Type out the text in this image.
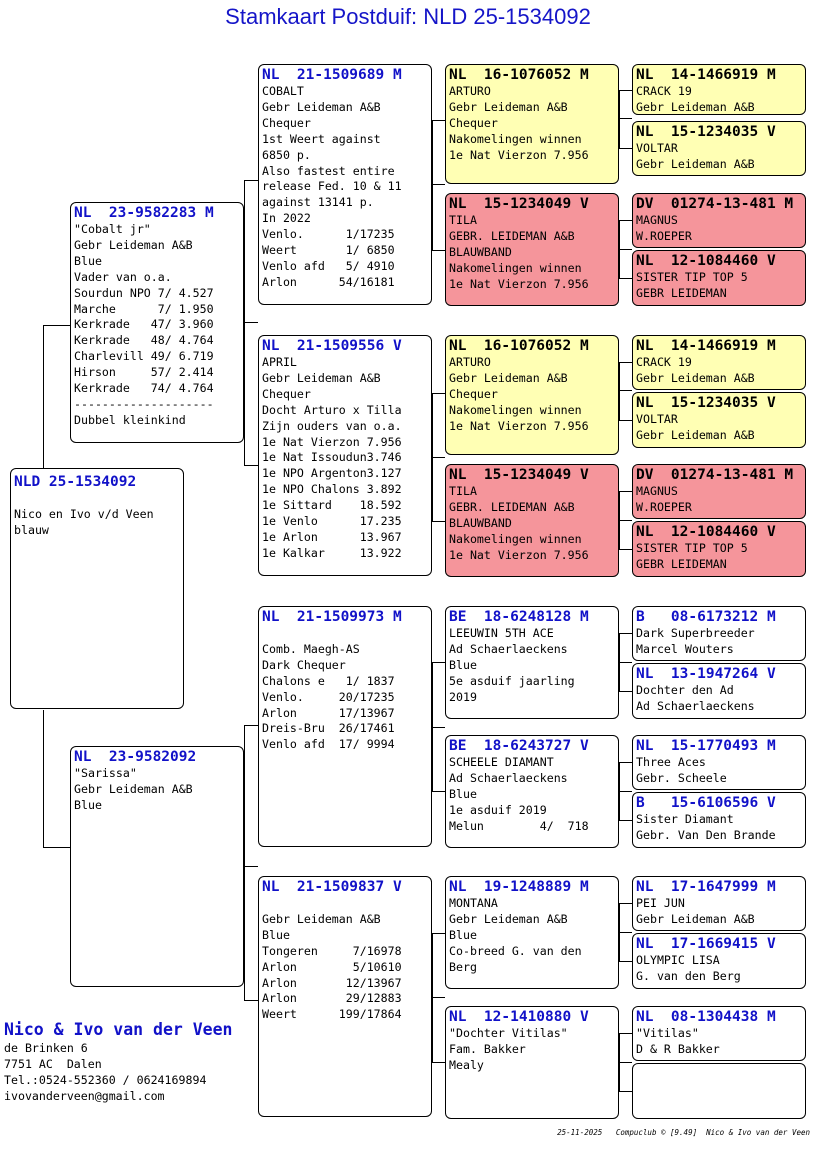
Stamkaart Postduif: NLD 25-1534092
NLD 25-1534092

Nico en Ivo v/d Veen
blauw
NL  23-9582283 M
"Cobalt jr"
Gebr Leideman A&B
Blue
Vader van o.a.
Sourdun NPO 7/ 4.527
Marche      7/ 1.950
Kerkrade   47/ 3.960
Kerkrade   48/ 4.764
Charlevill 49/ 6.719
Hirson     57/ 2.414
Kerkrade   74/ 4.764
--------------------
Dubbel kleinkind
NL  23-9582092
"Sarissa"
Gebr Leideman A&B
Blue
NL  21-1509689 M
COBALT
Gebr Leideman A&B
Chequer
1st Weert against
6850 p.
Also fastest entire
release Fed. 10 & 11
against 13141 p.
In 2022
Venlo.      1/17235
Weert       1/ 6850
Venlo afd   5/ 4910
Arlon      54/16181
NL  21-1509556 V
APRIL
Gebr Leideman A&B
Chequer
Docht Arturo x Tilla
Zijn ouders van o.a.
1e Nat Vierzon 7.956
1e Nat Issoudun3.746
1e NPO Argenton3.127
1e NPO Chalons 3.892
1e Sittard    18.592
1e Venlo      17.235
1e Arlon      13.967
1e Kalkar     13.922
NL  21-1509973 M

Comb. Maegh-AS
Dark Chequer
Chalons e   1/ 1837
Venlo.     20/17235
Arlon      17/13967
Dreis-Bru  26/17461
Venlo afd  17/ 9994
NL  21-1509837 V

Gebr Leideman A&B
Blue
Tongeren     7/16978
Arlon        5/10610
Arlon       12/13967
Arlon       29/12883
Weert      199/17864
NL  16-1076052 M
ARTURO
Gebr Leideman A&B
Chequer
Nakomelingen winnen
1e Nat Vierzon 7.956
NL  15-1234049 V
TILA
GEBR. LEIDEMAN A&B
BLAUWBAND
Nakomelingen winnen
1e Nat Vierzon 7.956
NL  16-1076052 M
ARTURO
Gebr Leideman A&B
Chequer
Nakomelingen winnen
1e Nat Vierzon 7.956
NL  15-1234049 V
TILA
GEBR. LEIDEMAN A&B
BLAUWBAND
Nakomelingen winnen
1e Nat Vierzon 7.956
BE  18-6248128 M
LEEUWIN 5TH ACE
Ad Schaerlaeckens
Blue
5e asduif jaarling
2019
BE  18-6243727 V
SCHEELE DIAMANT
Ad Schaerlaeckens
Blue
1e asduif 2019
Melun        4/  718
NL  19-1248889 M
MONTANA
Gebr Leideman A&B
Blue
Co-breed G. van den
Berg
NL  12-1410880 V
"Dochter Vitilas"
Fam. Bakker
Mealy
NL  14-1466919 M
CRACK 19
Gebr Leideman A&B
NL  15-1234035 V
VOLTAR
Gebr Leideman A&B
DV  01274-13-481 M
MAGNUS
W.ROEPER
NL  12-1084460 V
SISTER TIP TOP 5
GEBR LEIDEMAN
NL  14-1466919 M
CRACK 19
Gebr Leideman A&B
NL  15-1234035 V
VOLTAR
Gebr Leideman A&B
DV  01274-13-481 M
MAGNUS
W.ROEPER
NL  12-1084460 V
SISTER TIP TOP 5
GEBR LEIDEMAN
B   08-6173212 M
Dark Superbreeder
Marcel Wouters
NL  13-1947264 V
Dochter den Ad
Ad Schaerlaeckens
NL  15-1770493 M
Three Aces
Gebr. Scheele
B   15-6106596 V
Sister Diamant
Gebr. Van Den Brande
NL  17-1647999 M
PEI JUN
Gebr Leideman A&B
NL  17-1669415 V
OLYMPIC LISA
G. van den Berg
NL  08-1304438 M
"Vitilas"
D & R Bakker
Nico & Ivo van der Veen
de Brinken 6
7751 AC  Dalen
Tel.:0524-552360 / 0624169894
ivovanderveen@gmail.com
25-11-2025   Compuclub © [9.49]  Nico & Ivo van der Veen
